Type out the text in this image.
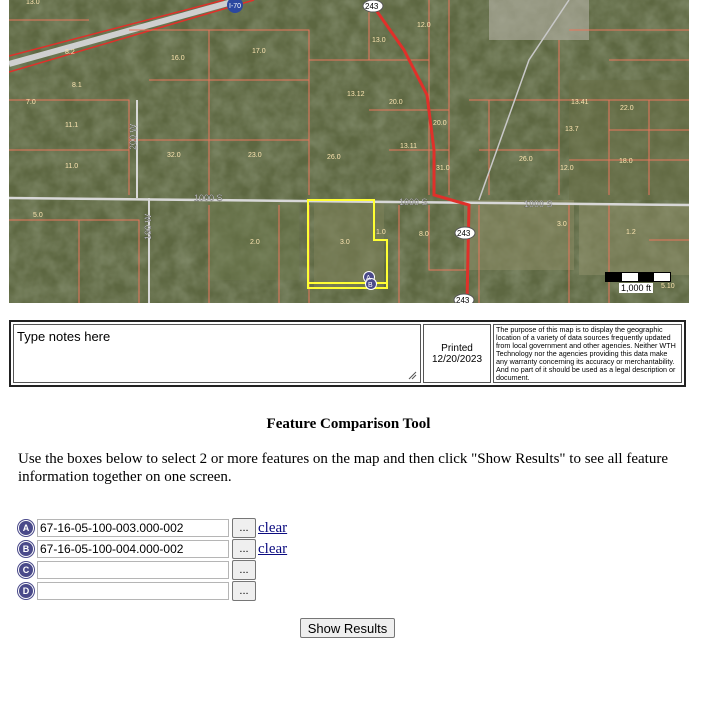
A
B
I-70	243
243
243
1000 S	1000 S	1000 S
200 W
190 W
13.0
12.0
13.0
8.2
16.0
17.0
8.1
13.12
20.0	13.41
22.0
7.0
11.1
13.7
20.0
32.0	23.0	26.0
13.11
26.0	18.0
11.0	31.0	12.0
8.0
1.0
3.0
5.0
1.2
2.0
3.0
5.10
1,000 ft
Type notes here
Printed
12/20/2023
The purpose of this map is to display the geographic location of a variety of data sources frequently updated from local government and other agencies. Neither WTH Technology nor the agencies providing this data make any warranty concerning its accuracy or merchantability. And no part of it should be used as a legal description or document.
Feature Comparison Tool
Use the boxes below to select 2 or more features on the map and then click "Show Results" to see all feature information together on one screen.
A
67-16-05-100-003.000-002	... clear
B
67-16-05-100-004.000-002	... clear
C	...
D	...
Show Results
